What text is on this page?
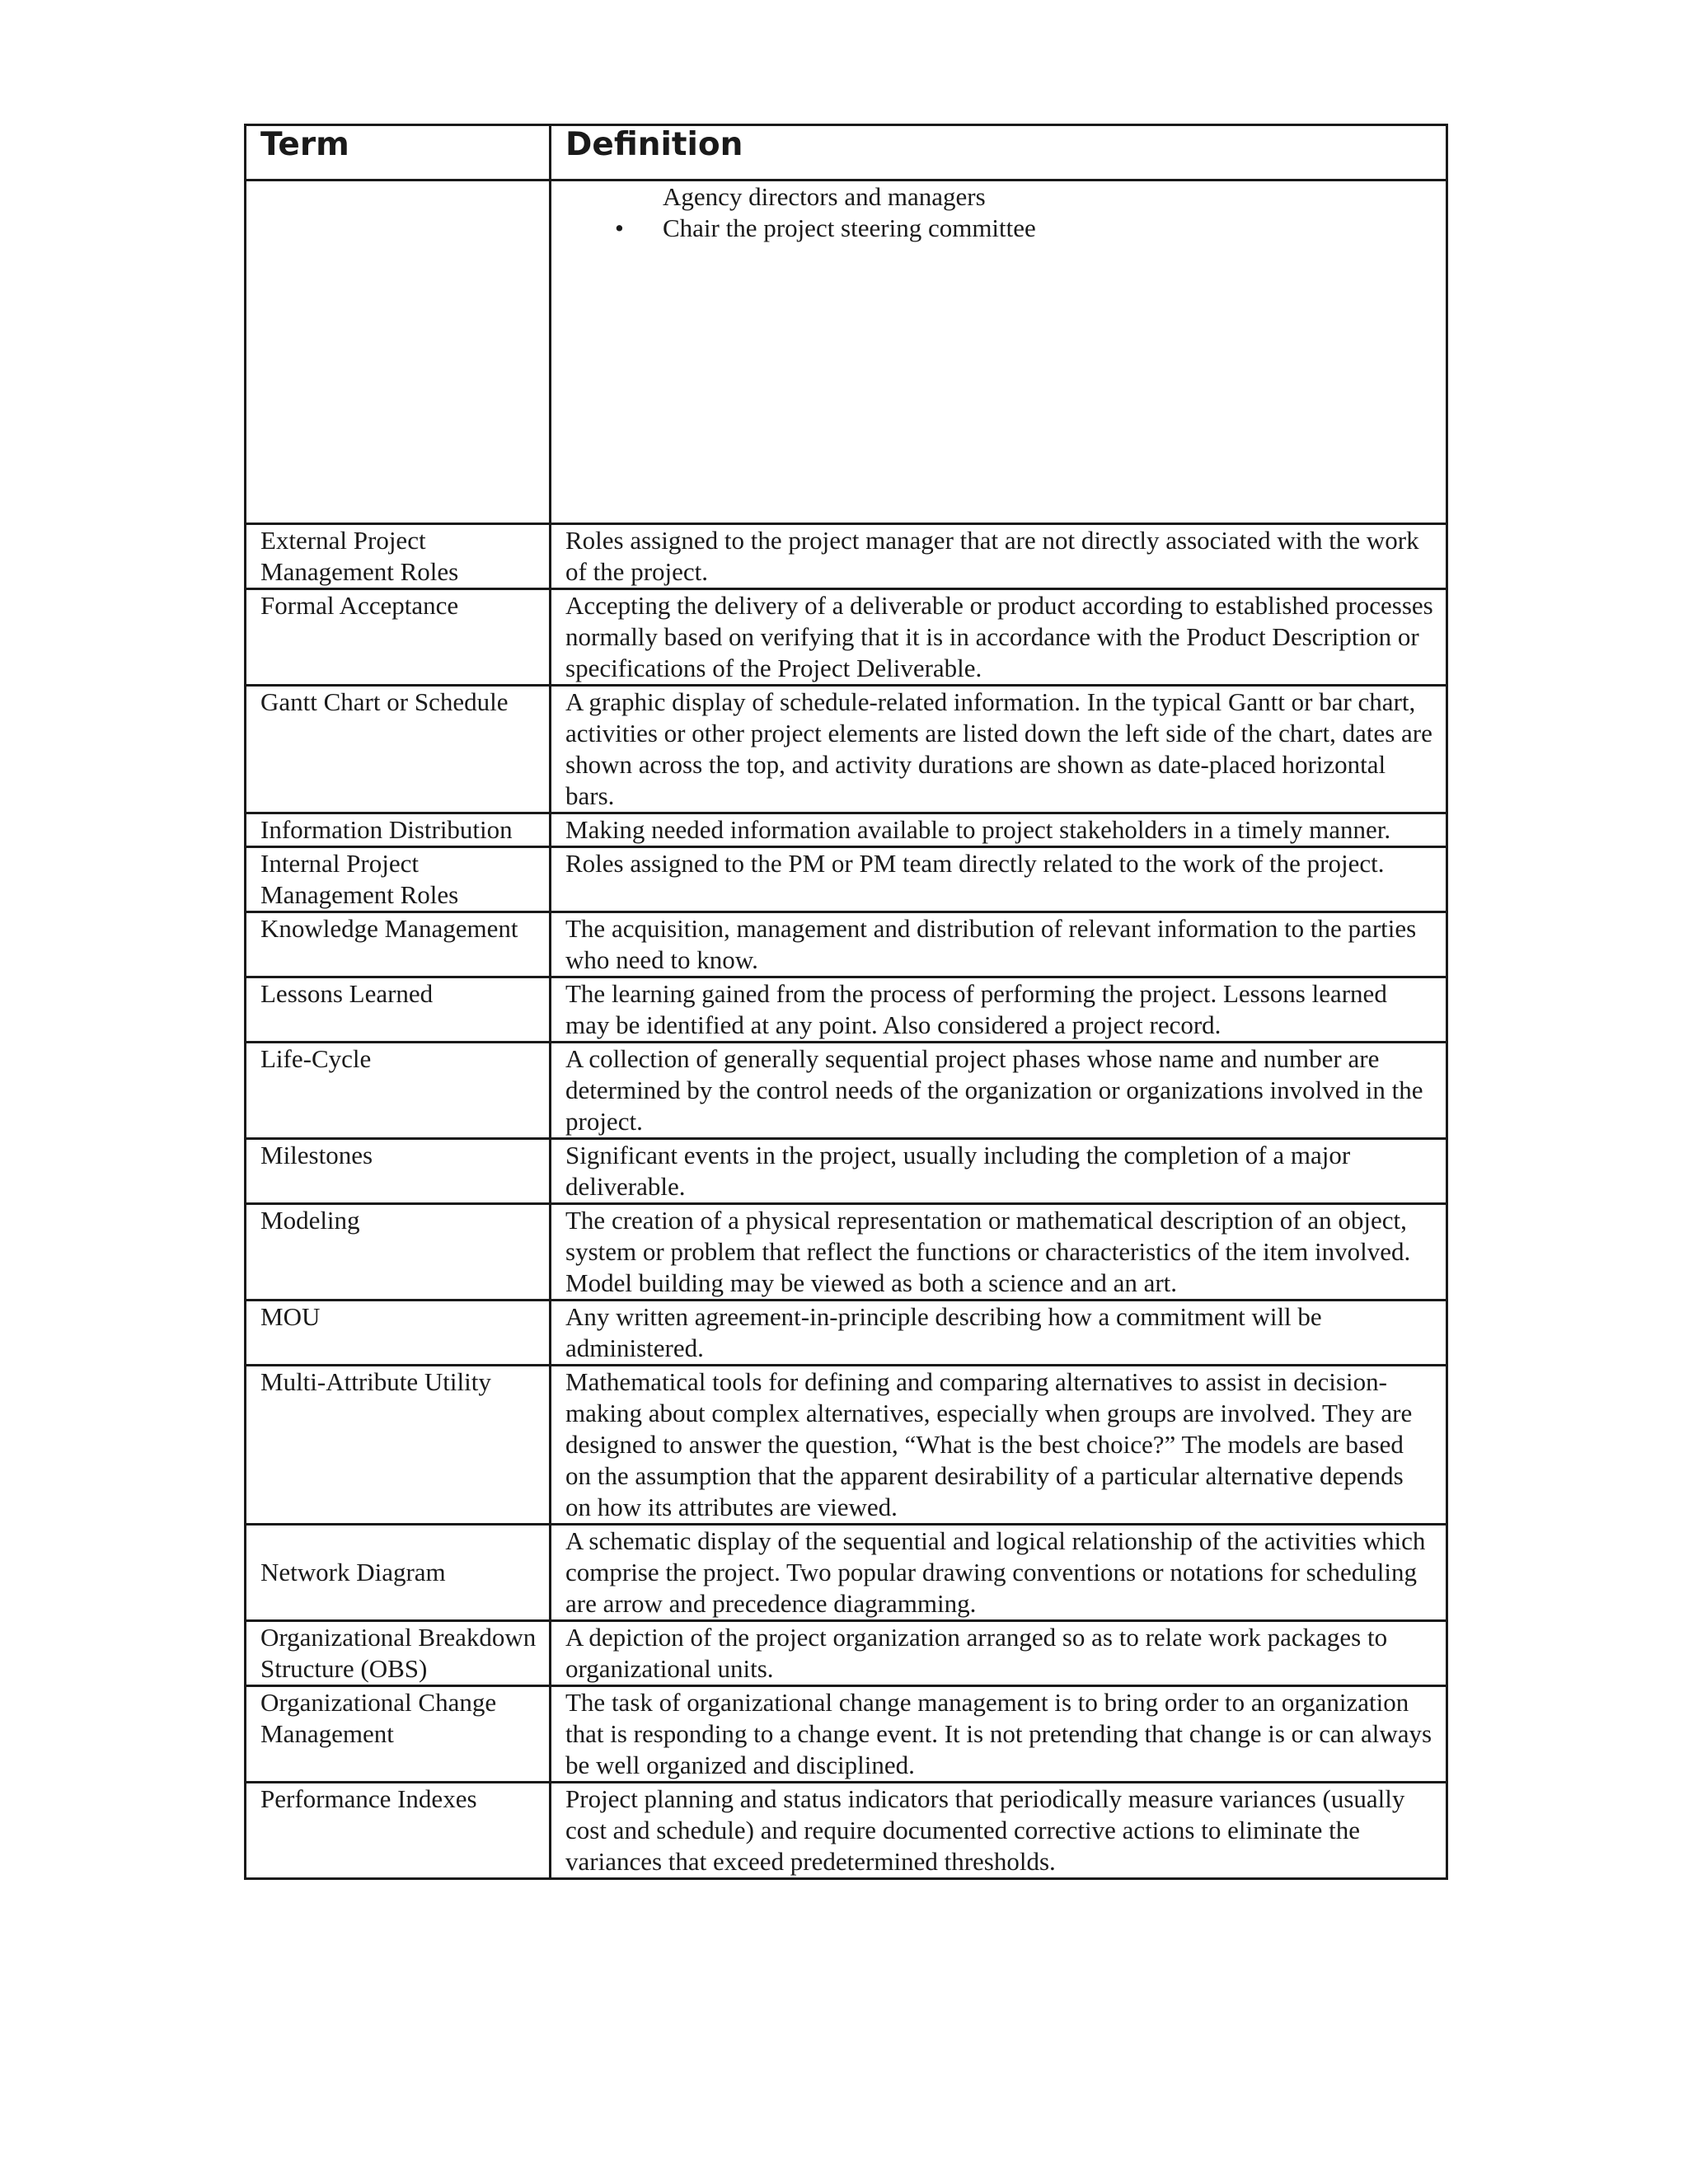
Term	Definition

	Agency directors and managers
• Chair the project steering committee

External Project Management Roles	Roles assigned to the project manager that are not directly associated with the work of the project.
Formal Acceptance	Accepting the delivery of a deliverable or product according to established processes normally based on verifying that it is in accordance with the Product Description or specifications of the Project Deliverable.
Gantt Chart or Schedule	A graphic display of schedule-related information. In the typical Gantt or bar chart, activities or other project elements are listed down the left side of the chart, dates are shown across the top, and activity durations are shown as date-placed horizontal bars.
Information Distribution	Making needed information available to project stakeholders in a timely manner.
Internal Project Management Roles	Roles assigned to the PM or PM team directly related to the work of the project.
Knowledge Management	The acquisition, management and distribution of relevant information to the parties who need to know.
Lessons Learned	The learning gained from the process of performing the project. Lessons learned may be identified at any point. Also considered a project record.
Life-Cycle	A collection of generally sequential project phases whose name and number are determined by the control needs of the organization or organizations involved in the project.
Milestones	Significant events in the project, usually including the completion of a major deliverable.
Modeling	The creation of a physical representation or mathematical description of an object, system or problem that reflect the functions or characteristics of the item involved. Model building may be viewed as both a science and an art.
MOU	Any written agreement-in-principle describing how a commitment will be administered.
Multi-Attribute Utility	Mathematical tools for defining and comparing alternatives to assist in decision-making about complex alternatives, especially when groups are involved. They are designed to answer the question, “What is the best choice?” The models are based on the assumption that the apparent desirability of a particular alternative depends on how its attributes are viewed.
Network Diagram	A schematic display of the sequential and logical relationship of the activities which comprise the project. Two popular drawing conventions or notations for scheduling are arrow and precedence diagramming.
Organizational Breakdown Structure (OBS)	A depiction of the project organization arranged so as to relate work packages to organizational units.
Organizational Change Management	The task of organizational change management is to bring order to an organization that is responding to a change event. It is not pretending that change is or can always be well organized and disciplined.
Performance Indexes	Project planning and status indicators that periodically measure variances (usually cost and schedule) and require documented corrective actions to eliminate the variances that exceed predetermined thresholds.
